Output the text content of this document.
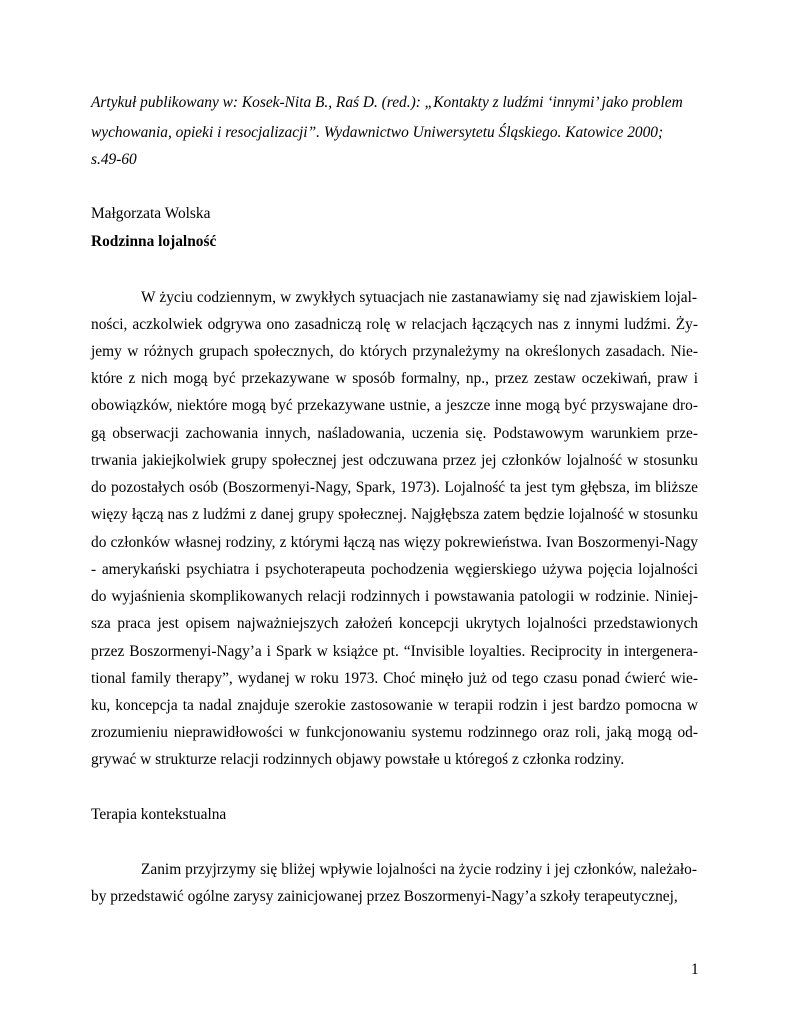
Artykuł publikowany w: Kosek-Nita B., Raś D. (red.): „Kontakty z ludźmi ‘innymi’ jako problem
wychowania, opieki i resocjalizacji”. Wydawnictwo Uniwersytetu Śląskiego. Katowice 2000;
s.49-60
Małgorzata Wolska
Rodzinna lojalność
W życiu codziennym, w zwykłych sytuacjach nie zastanawiamy się nad zjawiskiem lojal-
ności, aczkolwiek odgrywa ono zasadniczą rolę w relacjach łączących nas z innymi ludźmi. Ży-
jemy w różnych grupach społecznych, do których przynależymy na określonych zasadach. Nie-
które z nich mogą być przekazywane w sposób formalny, np., przez zestaw oczekiwań, praw i
obowiązków, niektóre mogą być przekazywane ustnie, a jeszcze inne mogą być przyswajane dro-
gą obserwacji zachowania innych, naśladowania, uczenia się. Podstawowym warunkiem prze-
trwania jakiejkolwiek grupy społecznej jest odczuwana przez jej członków lojalność w stosunku
do pozostałych osób (Boszormenyi-Nagy, Spark, 1973). Lojalność ta jest tym głębsza, im bliższe
więzy łączą nas z ludźmi z danej grupy społecznej. Najgłębsza zatem będzie lojalność w stosunku
do członków własnej rodziny, z którymi łączą nas więzy pokrewieństwa. Ivan Boszormenyi-Nagy
- amerykański psychiatra i psychoterapeuta pochodzenia węgierskiego używa pojęcia lojalności
do wyjaśnienia skomplikowanych relacji rodzinnych i powstawania patologii w rodzinie. Niniej-
sza praca jest opisem najważniejszych założeń koncepcji ukrytych lojalności przedstawionych
przez Boszormenyi-Nagy’a i Spark w książce pt. “Invisible loyalties. Reciprocity in intergenera-
tional family therapy”, wydanej w roku 1973. Choć minęło już od tego czasu ponad ćwierć wie-
ku, koncepcja ta nadal znajduje szerokie zastosowanie w terapii rodzin i jest bardzo pomocna w
zrozumieniu nieprawidłowości w funkcjonowaniu systemu rodzinnego oraz roli, jaką mogą od-
grywać w strukturze relacji rodzinnych objawy powstałe u któregoś z członka rodziny.
Terapia kontekstualna
Zanim przyjrzymy się bliżej wpływie lojalności na życie rodziny i jej członków, należało-
by przedstawić ogólne zarysy zainicjowanej przez Boszormenyi-Nagy’a szkoły terapeutycznej,
1
